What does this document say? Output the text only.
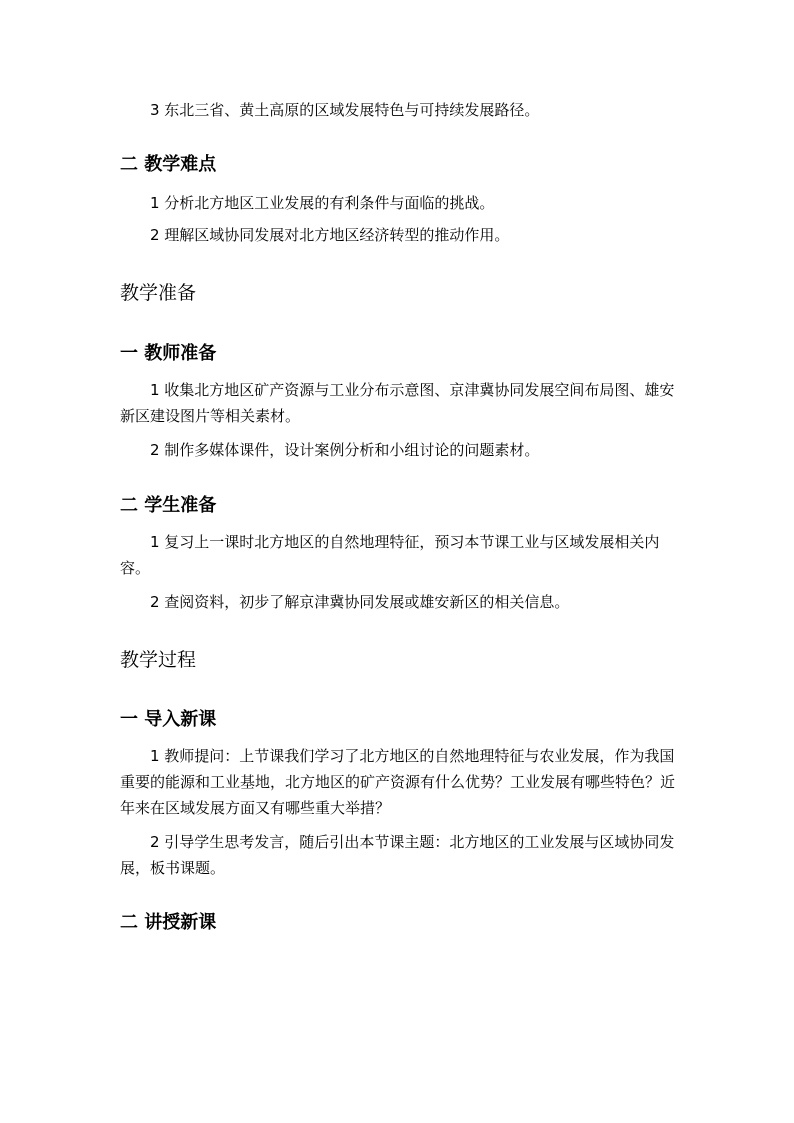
3 东北三省、黄土高原的区域发展特色与可持续发展路径。

二 教学难点

1 分析北方地区工业发展的有利条件与面临的挑战。

2 理解区域协同发展对北方地区经济转型的推动作用。

教学准备
一 教师准备

1 收集北方地区矿产资源与工业分布示意图、京津冀协同发展空间布局图、雄安新区建设图片等相关素材。

2 制作多媒体课件，设计案例分析和小组讨论的问题素材。

二 学生准备

1 复习上一课时北方地区的自然地理特征，预习本节课工业与区域发展相关内容。

2 查阅资料，初步了解京津冀协同发展或雄安新区的相关信息。

教学过程
一 导入新课

1 教师提问：上节课我们学习了北方地区的自然地理特征与农业发展，作为我国重要的能源和工业基地，北方地区的矿产资源有什么优势？工业发展有哪些特色？近年来在区域发展方面又有哪些重大举措？

2 引导学生思考发言，随后引出本节课主题：北方地区的工业发展与区域协同发展，板书课题。

二 讲授新课
